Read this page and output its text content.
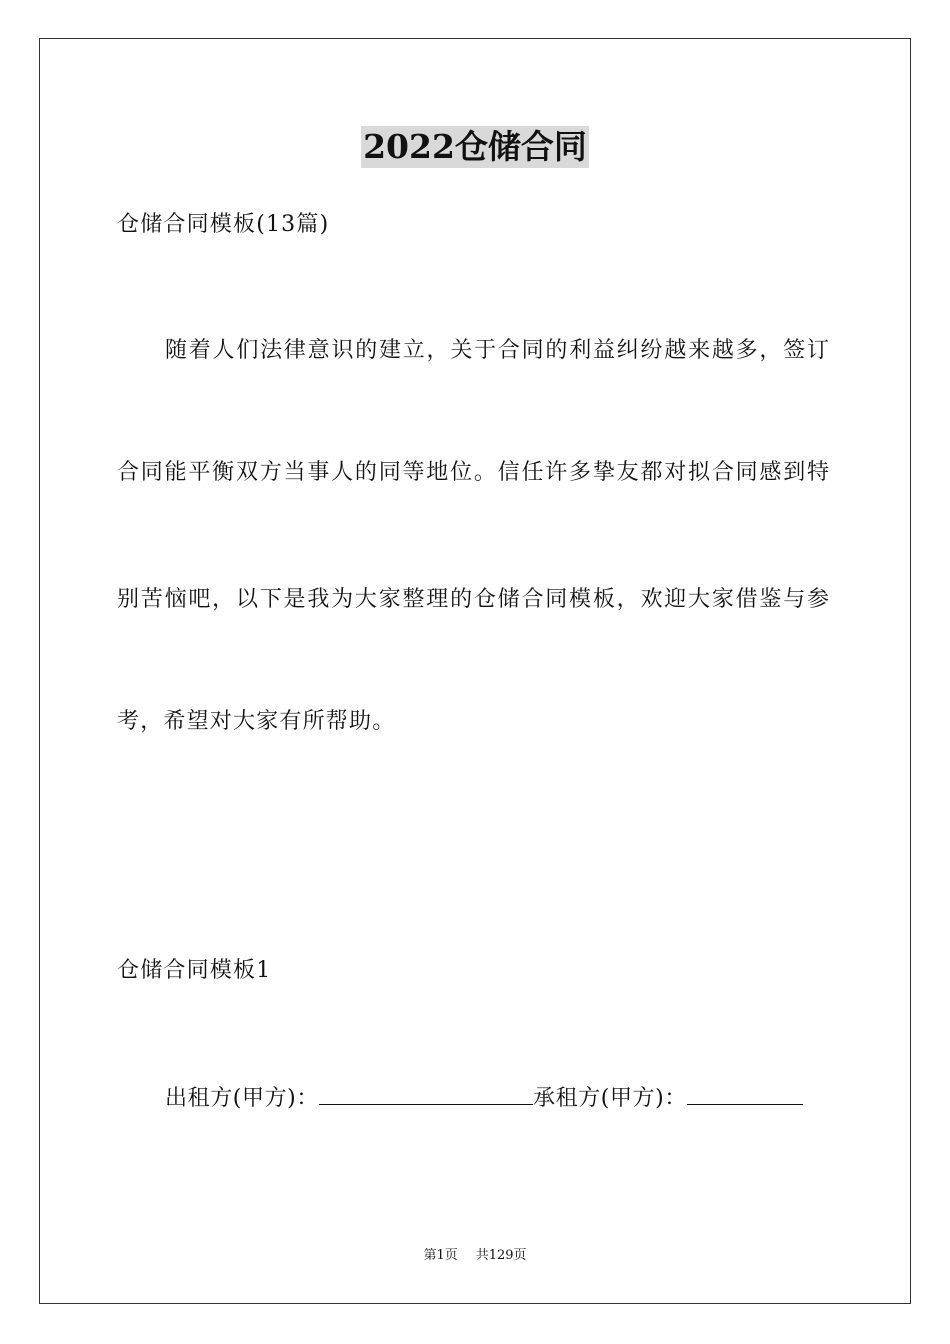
2022仓储合同
仓储合同模板(13篇)
随着人们法律意识的建立，关于合同的利益纠纷越来越多，签订
合同能平衡双方当事人的同等地位。信任许多挚友都对拟合同感到特
别苦恼吧，以下是我为大家整理的仓储合同模板，欢迎大家借鉴与参
考，希望对大家有所帮助。
仓储合同模板1
出租方(甲方)：	承租方(甲方)：
第1页 共129页
